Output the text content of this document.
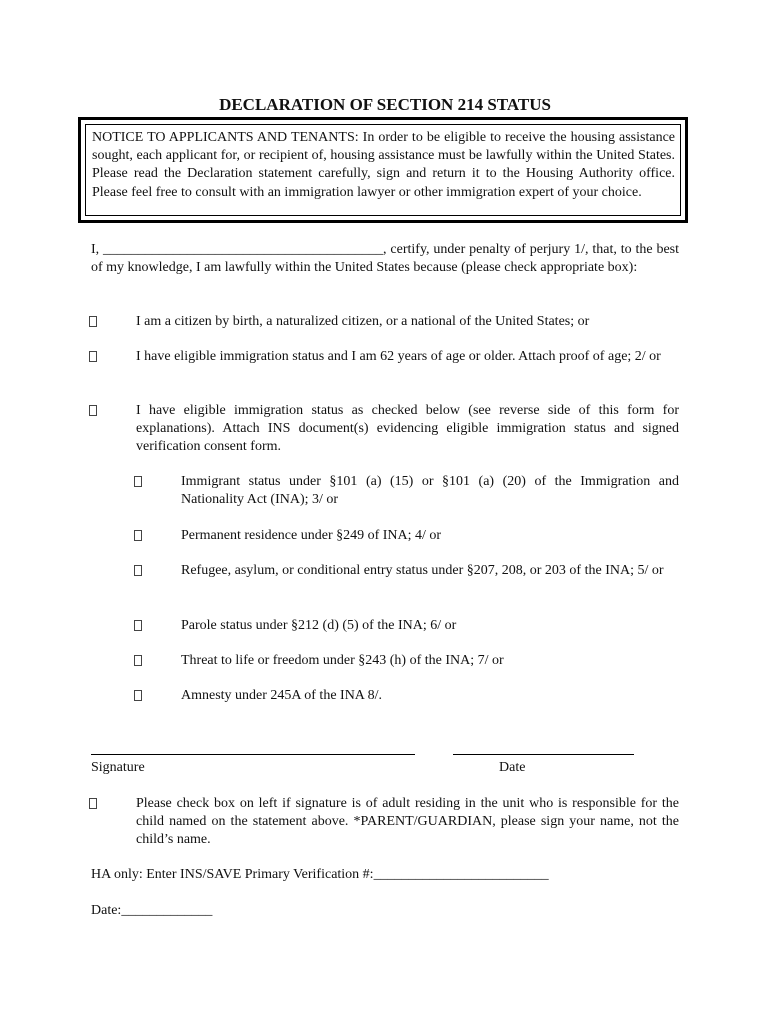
DECLARATION OF SECTION 214 STATUS
NOTICE TO APPLICANTS AND TENANTS: In order to be eligible to receive the housing assistance sought, each applicant for, or recipient of, housing assistance must be lawfully within the United States. Please read the Declaration statement carefully, sign and return it to the Housing Authority office. Please feel free to consult with an immigration lawyer or other immigration expert of your choice.
I, ________________________________________, certify, under penalty of perjury 1/, that, to the best of my knowledge, I am lawfully within the United States because (please check appropriate box):
I am a citizen by birth, a naturalized citizen, or a national of the United States; or
I have eligible immigration status and I am 62 years of age or older. Attach proof of age; 2/ or
I have eligible immigration status as checked below (see reverse side of this form for explanations). Attach INS document(s) evidencing eligible immigration status and signed verification consent form.
Immigrant status under §101 (a) (15) or §101 (a) (20) of the Immigration and Nationality Act (INA); 3/ or
Permanent residence under §249 of INA; 4/ or
Refugee, asylum, or conditional entry status under §207, 208, or 203 of the INA; 5/ or
Parole status under §212 (d) (5) of the INA; 6/ or
Threat to life or freedom under §243 (h) of the INA; 7/ or
Amnesty under 245A of the INA 8/.
Signature	Date
Please check box on left if signature is of adult residing in the unit who is responsible for the child named on the statement above. *PARENT/GUARDIAN, please sign your name, not the child’s name.
HA only: Enter INS/SAVE Primary Verification #:_________________________
Date:_____________
